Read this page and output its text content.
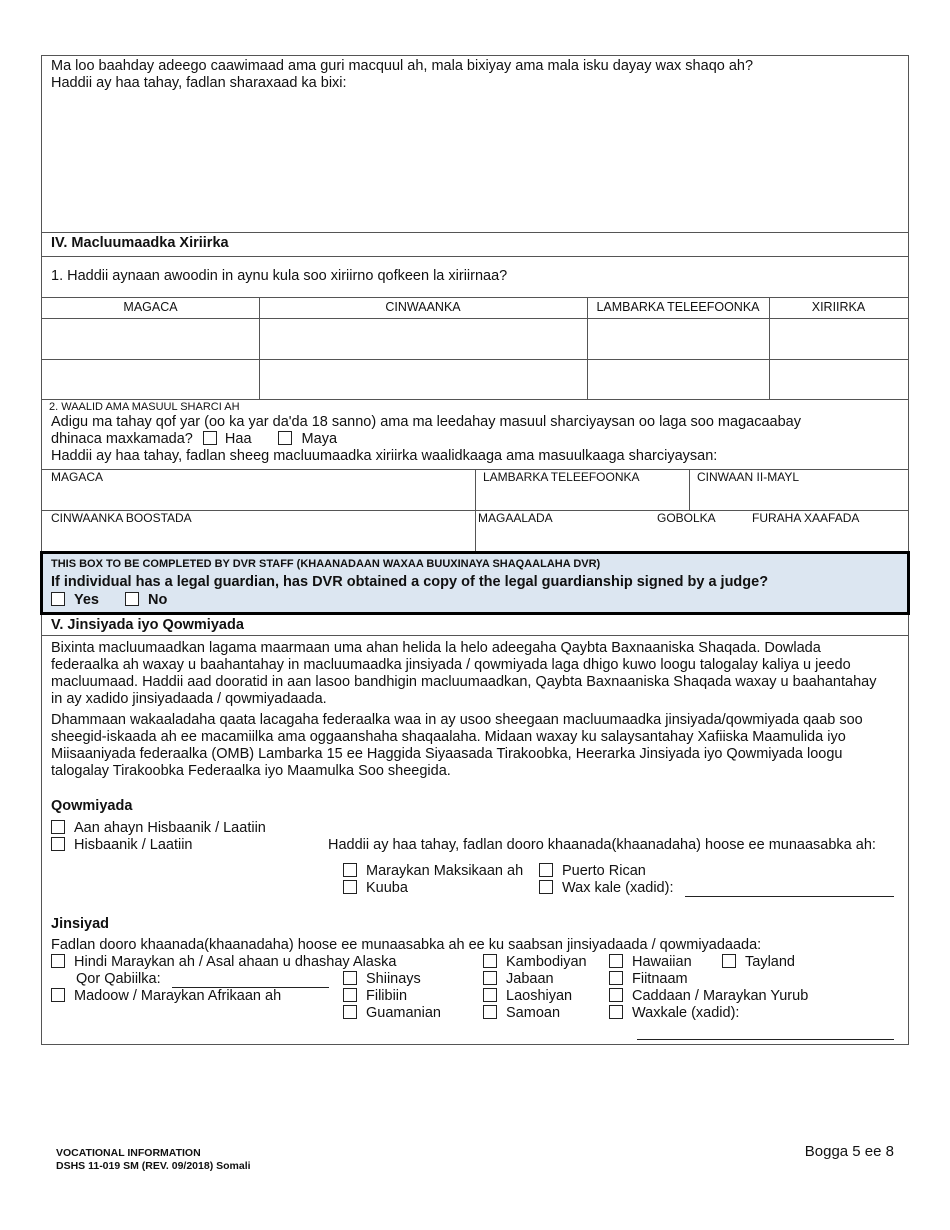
Ma loo baahday adeego caawimaad ama guri macquul ah, mala bixiyay ama mala isku dayay wax shaqo ah?
Haddii ay haa tahay, fadlan sharaxaad ka bixi:
IV. Macluumaadka Xiriirka
1. Haddii aynaan awoodin in aynu kula soo xiriirno qofkeen la xiriirnaa?
MAGACA	CINWAANKA	LAMBARKA TELEEFOONKA	XIRIIRKA
2. WAALID AMA MASUUL SHARCI AH
Adigu ma tahay qof yar (oo ka yar da'da 18 sanno) ama ma leedahay masuul sharciyaysan oo laga soo magacaabay
dhinaca maxkamada? Haa	Maya
Haddii ay haa tahay, fadlan sheeg macluumaadka xiriirka waalidkaaga ama masuulkaaga sharciyaysan:
MAGACA	LAMBARKA TELEEFOONKA	CINWAAN II-MAYL
CINWAANKA BOOSTADA	MAGAALADA	GOBOLKA	FURAHA XAAFADA
THIS BOX TO BE COMPLETED BY DVR STAFF (KHAANADAAN WAXAA BUUXINAYA SHAQAALAHA DVR)
If individual has a legal guardian, has DVR obtained a copy of the legal guardianship signed by a judge?
Yes	No
V. Jinsiyada iyo Qowmiyada
Bixinta macluumaadkan lagama maarmaan uma ahan helida la helo adeegaha Qaybta Baxnaaniska Shaqada. Dowlada
federaalka ah waxay u baahantahay in macluumaadka jinsiyada / qowmiyada laga dhigo kuwo loogu talogalay kaliya u jeedo
macluumaad. Haddii aad dooratid in aan lasoo bandhigin macluumaadkan, Qaybta Baxnaaniska Shaqada waxay u baahantahay
in ay xadido jinsiyadaada / qowmiyadaada.
Dhammaan wakaaladaha qaata lacagaha federaalka waa in ay usoo sheegaan macluumaadka jinsiyada/qowmiyada qaab soo
sheegid-iskaada ah ee macamiilka ama oggaanshaha shaqaalaha. Midaan waxay ku salaysantahay Xafiiska Maamulida iyo
Miisaaniyada federaalka (OMB) Lambarka 15 ee Haggida Siyaasada Tirakoobka, Heerarka Jinsiyada iyo Qowmiyada loogu
talogalay Tirakoobka Federaalka iyo Maamulka Soo sheegida.
Qowmiyada
Aan ahayn Hisbaanik / Laatiin
Hisbaanik / Laatiin	Haddii ay haa tahay, fadlan dooro khaanada(khaanadaha) hoose ee munaasabka ah:
Maraykan Maksikaan ah	Puerto Rican
Kuuba	Wax kale (xadid):
Jinsiyad
Fadlan dooro khaanada(khaanadaha) hoose ee munaasabka ah ee ku saabsan jinsiyadaada / qowmiyadaada:
Hindi Maraykan ah / Asal ahaan u dhashay Alaska
Qor Qabiilka:
Madoow / Maraykan Afrikaan ah
Shiinays
Filibiin
Guamanian
Kambodiyan
Jabaan
Laoshiyan
Samoan
Hawaiian
Fiitnaam
Caddaan / Maraykan Yurub
Waxkale (xadid):
Tayland
VOCATIONAL INFORMATION
DSHS 11-019 SM (REV. 09/2018) Somali
Bogga 5 ee 8
